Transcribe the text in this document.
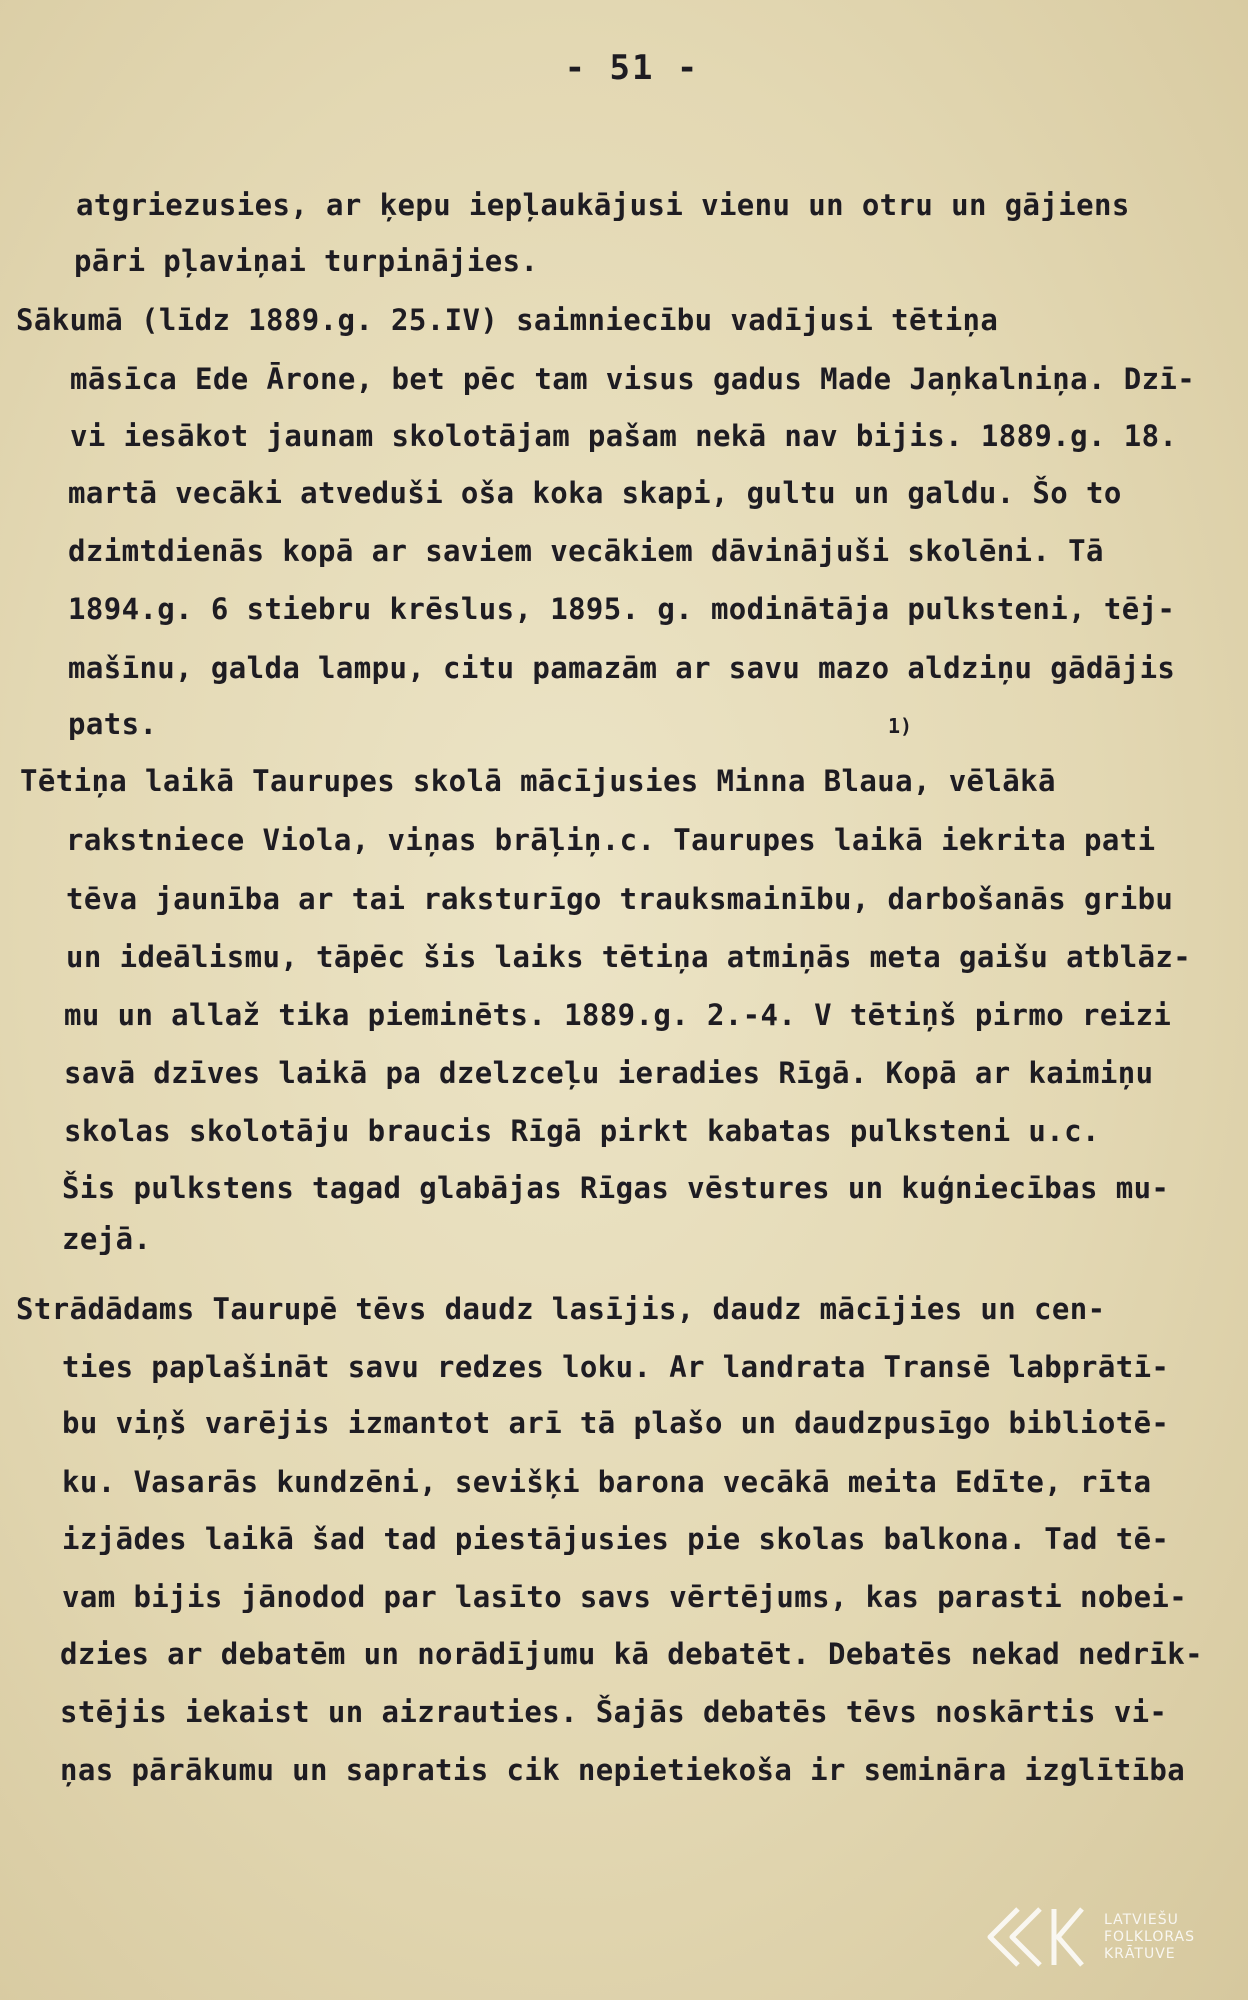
- 51 -
atgriezusies, ar ķepu iepļaukājusi vienu un otru un gājiens
pāri pļaviņai turpinājies.
Sākumā (līdz 1889.g. 25.IV) saimniecību vadījusi tētiņa
māsīca Ede Ārone, bet pēc tam visus gadus Made Jaņkalniņa. Dzī-
vi iesākot jaunam skolotājam pašam nekā nav bijis. 1889.g. 18.
martā vecāki atveduši oša koka skapi, gultu un galdu. Šo to
dzimtdienās kopā ar saviem vecākiem dāvinājuši skolēni. Tā
1894.g. 6 stiebru krēslus, 1895. g. modinātāja pulksteni, tēj-
mašīnu, galda lampu, citu pamazām ar savu mazo aldziņu gādājis
pats.	1)
Tētiņa laikā Taurupes skolā mācījusies Minna Blaua, vēlākā
rakstniece Viola, viņas brāļiņ.c. Taurupes laikā iekrita pati
tēva jaunība ar tai raksturīgo trauksmainību, darbošanās gribu
un ideālismu, tāpēc šis laiks tētiņa atmiņās meta gaišu atblāz-
mu un allaž tika pieminēts. 1889.g. 2.-4. V tētiņš pirmo reizi
savā dzīves laikā pa dzelzceļu ieradies Rīgā. Kopā ar kaimiņu
skolas skolotāju braucis Rīgā pirkt kabatas pulksteni u.c.
Šis pulkstens tagad glabājas Rīgas vēstures un kuģniecības mu-
zejā.
Strādādams Taurupē tēvs daudz lasījis, daudz mācījies un cen-
ties paplašināt savu redzes loku. Ar landrata Transē labprātī-
bu viņš varējis izmantot arī tā plašo un daudzpusīgo bibliotē-
ku. Vasarās kundzēni, sevišķi barona vecākā meita Edīte, rīta
izjādes laikā šad tad piestājusies pie skolas balkona. Tad tē-
vam bijis jānodod par lasīto savs vērtējums, kas parasti nobei-
dzies ar debatēm un norādījumu kā debatēt. Debatēs nekad nedrīk-
stējis iekaist un aizrauties. Šajās debatēs tēvs noskārtis vi-
ņas pārākumu un sapratis cik nepietiekoša ir semināra izglītība
LATVIEŠU
FOLKLORAS
KRĀTUVE
